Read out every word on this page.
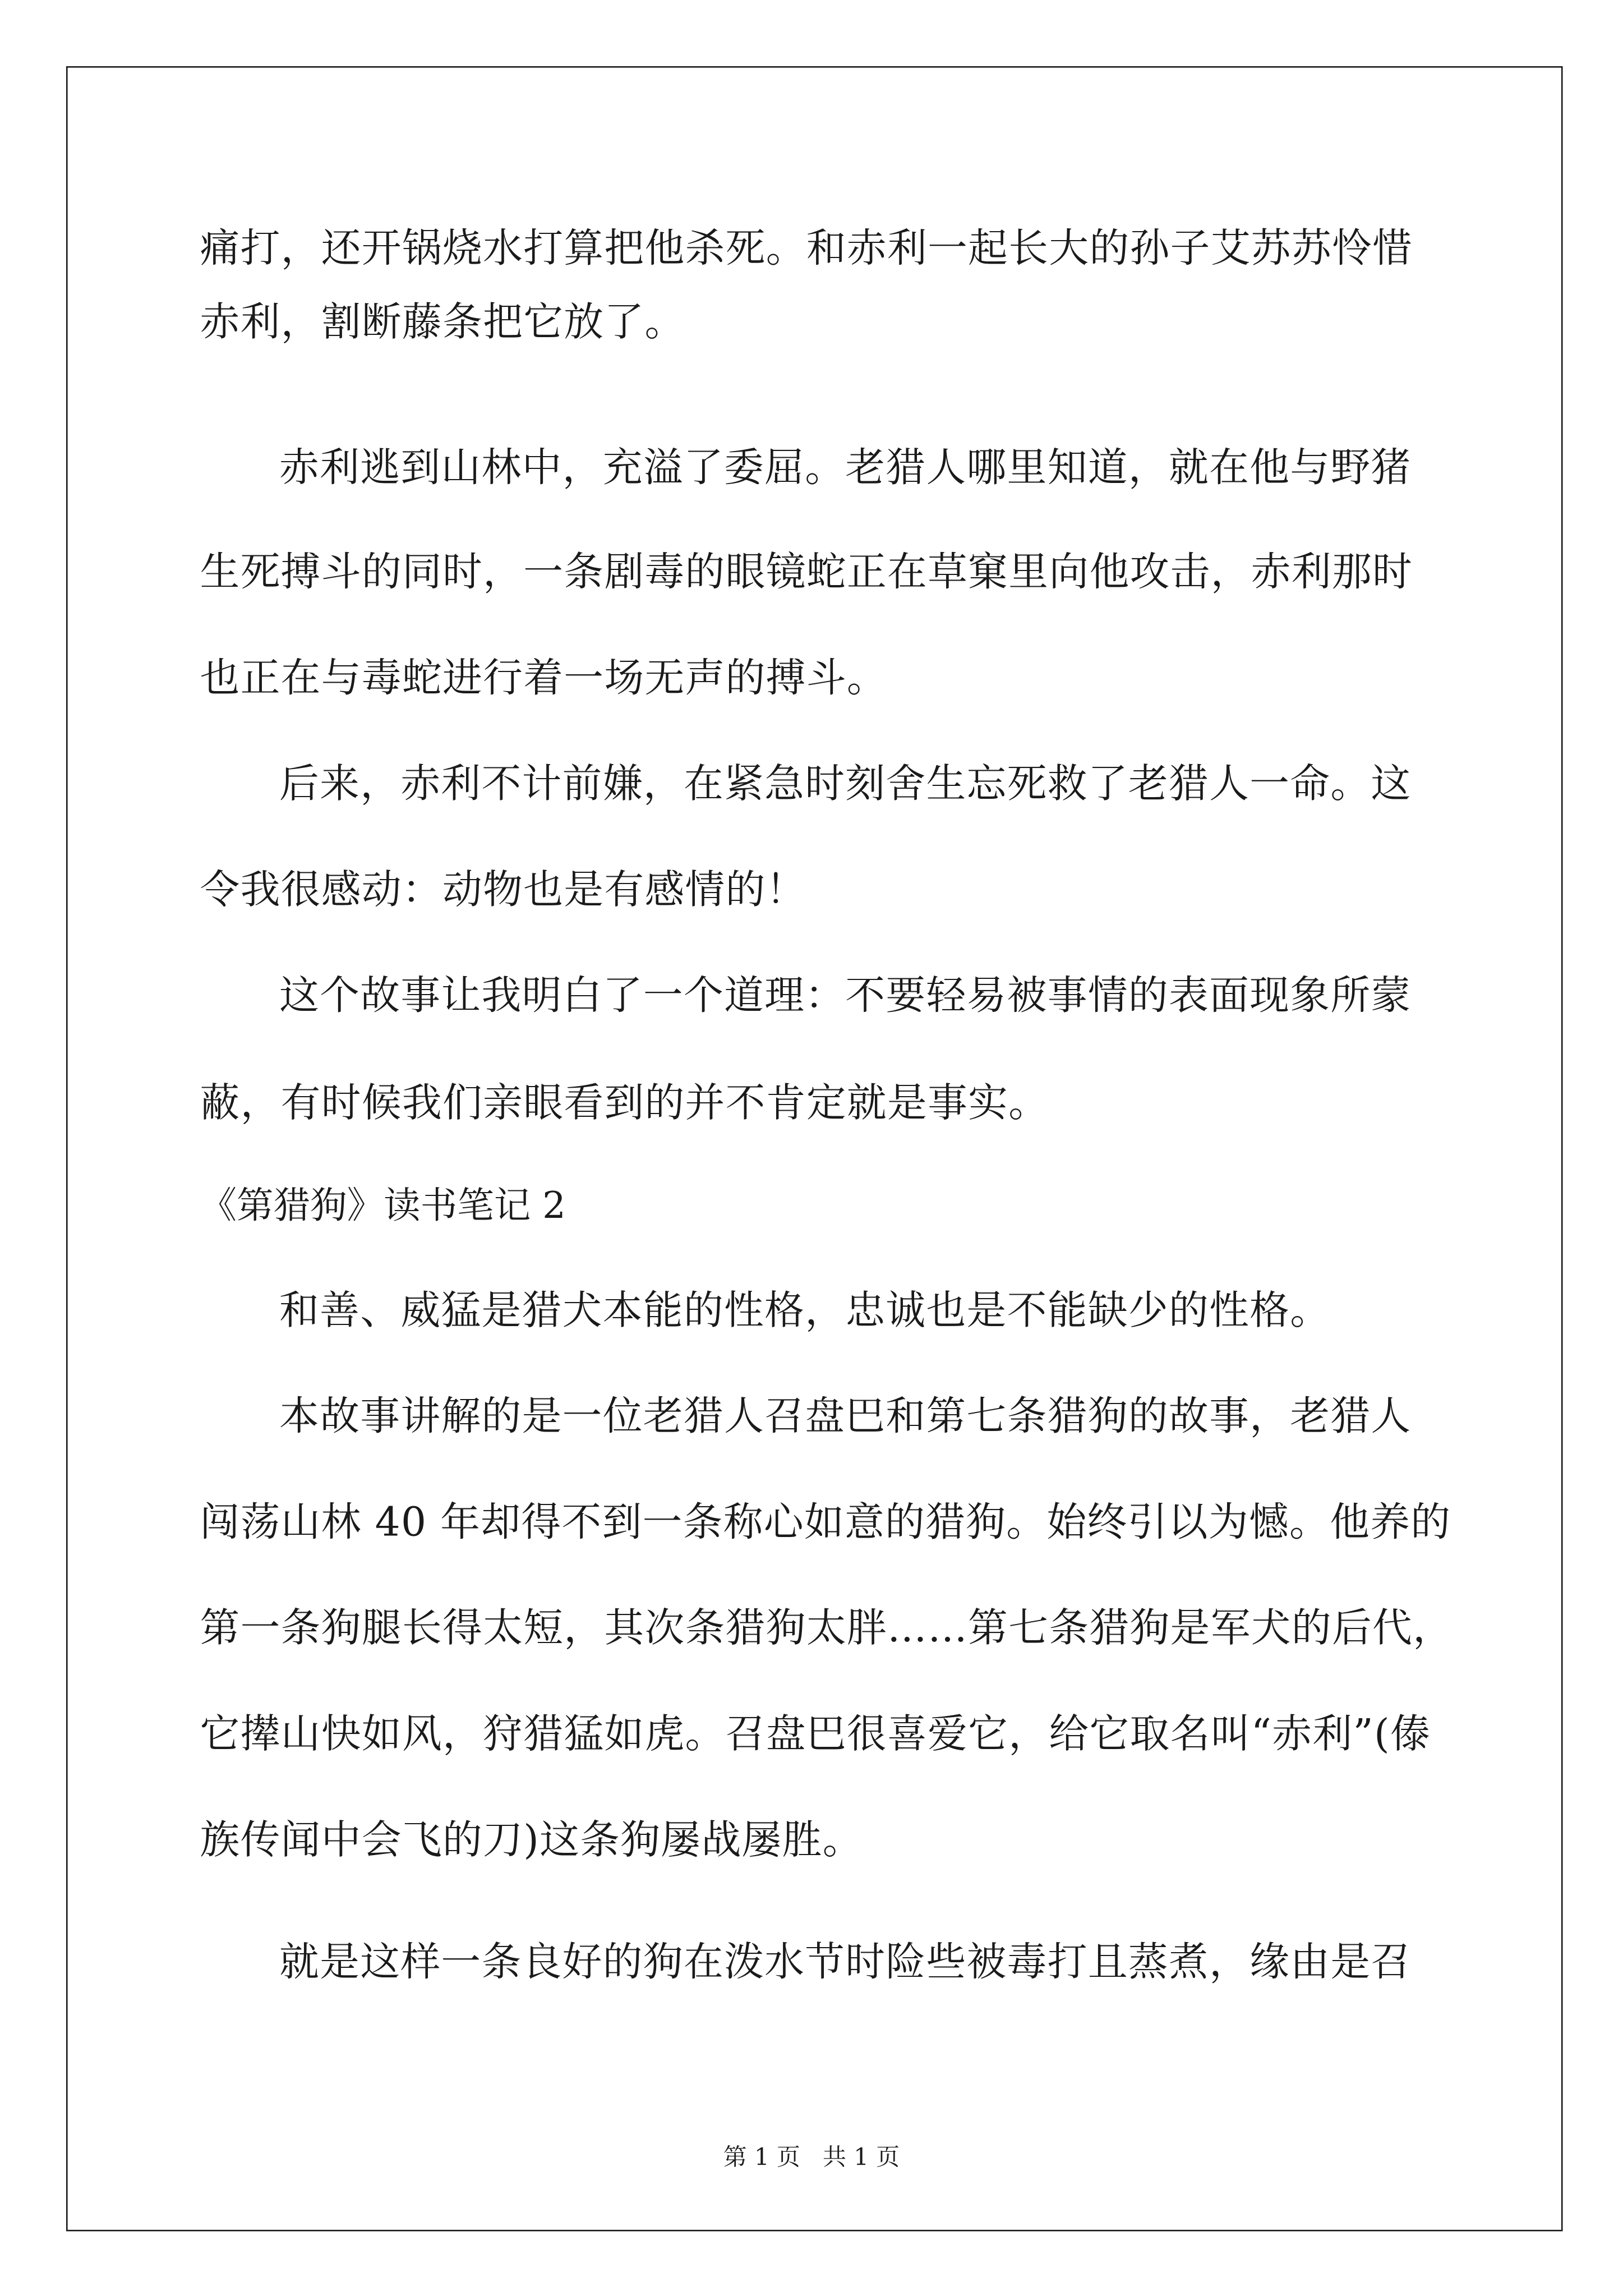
痛打，还开锅烧水打算把他杀死。和赤利一起长大的孙子艾苏苏怜惜
赤利，割断藤条把它放了。
赤利逃到山林中，充溢了委屈。老猎人哪里知道，就在他与野猪
生死搏斗的同时，一条剧毒的眼镜蛇正在草窠里向他攻击，赤利那时
也正在与毒蛇进行着一场无声的搏斗。
后来，赤利不计前嫌，在紧急时刻舍生忘死救了老猎人一命。这
令我很感动：动物也是有感情的！
这个故事让我明白了一个道理：不要轻易被事情的表面现象所蒙
蔽，有时候我们亲眼看到的并不肯定就是事实。
《第猎狗》读书笔记 2
和善、威猛是猎犬本能的性格，忠诚也是不能缺少的性格。
本故事讲解的是一位老猎人召盘巴和第七条猎狗的故事，老猎人
闯荡山林 40 年却得不到一条称心如意的猎狗。始终引以为憾。他养的
第一条狗腿长得太短，其次条猎狗太胖……第七条猎狗是军犬的后代，
它撵山快如风，狩猎猛如虎。召盘巴很喜爱它，给它取名叫“赤利”(傣
族传闻中会飞的刀)这条狗屡战屡胜。
就是这样一条良好的狗在泼水节时险些被毒打且蒸煮，缘由是召
第 1 页   共 1 页
